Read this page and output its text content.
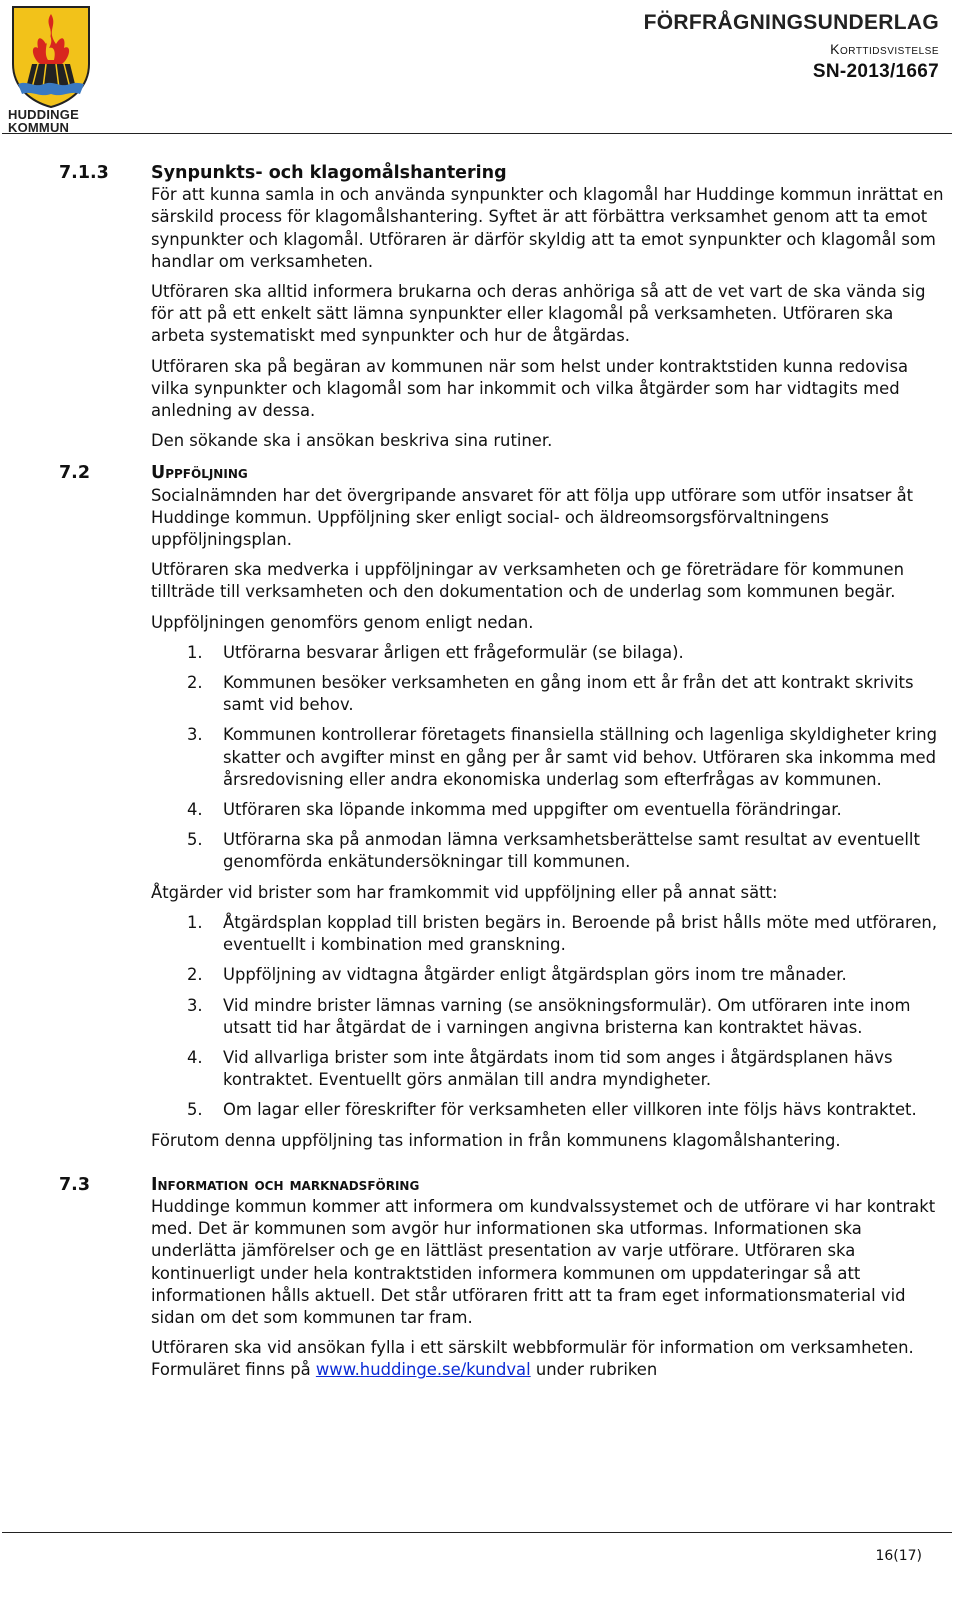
HUDDINGE
KOMMUN
FÖRFRÅGNINGSUNDERLAG
Korttidsvistelse
SN-2013/1667
7.1.3 Synpunkts- och klagomålshantering

För att kunna samla in och använda synpunkter och klagomål har Huddinge kommun inrättat en särskild process för klagomålshantering. Syftet är att förbättra verksamhet genom att ta emot synpunkter och klagomål. Utföraren är därför skyldig att ta emot synpunkter och klagomål som handlar om verksamheten.

Utföraren ska alltid informera brukarna och deras anhöriga så att de vet vart de ska vända sig för att på ett enkelt sätt lämna synpunkter eller klagomål på verksamheten. Utföraren ska arbeta systematiskt med synpunkter och hur de åtgärdas.

Utföraren ska på begäran av kommunen när som helst under kontraktstiden kunna redovisa vilka synpunkter och klagomål som har inkommit och vilka åtgärder som har vidtagits med anledning av dessa.

Den sökande ska i ansökan beskriva sina rutiner.

7.2	Uppföljning

Socialnämnden har det övergripande ansvaret för att följa upp utförare som utför insatser åt Huddinge kommun. Uppföljning sker enligt social- och äldreomsorgsförvaltningens uppföljningsplan.

Utföraren ska medverka i uppföljningar av verksamheten och ge företrädare för kommunen tillträde till verksamheten och den dokumentation och de underlag som kommunen begär.

Uppföljningen genomförs genom enligt nedan.

1. Utförarna besvarar årligen ett frågeformulär (se bilaga).
2. Kommunen besöker verksamheten en gång inom ett år från det att kontrakt skrivits samt vid behov.
3. Kommunen kontrollerar företagets finansiella ställning och lagenliga skyldigheter kring skatter och avgifter minst en gång per år samt vid behov. Utföraren ska inkomma med årsredovisning eller andra ekonomiska underlag som efterfrågas av kommunen.
4. Utföraren ska löpande inkomma med uppgifter om eventuella förändringar.
5. Utförarna ska på anmodan lämna verksamhetsberättelse samt resultat av eventuellt genomförda enkätundersökningar till kommunen.

Åtgärder vid brister som har framkommit vid uppföljning eller på annat sätt:

1. Åtgärdsplan kopplad till bristen begärs in. Beroende på brist hålls möte med utföraren, eventuellt i kombination med granskning.
2. Uppföljning av vidtagna åtgärder enligt åtgärdsplan görs inom tre månader.
3. Vid mindre brister lämnas varning (se ansökningsformulär). Om utföraren inte inom utsatt tid har åtgärdat de i varningen angivna bristerna kan kontraktet hävas.
4. Vid allvarliga brister som inte åtgärdats inom tid som anges i åtgärdsplanen hävs kontraktet. Eventuellt görs anmälan till andra myndigheter.
5. Om lagar eller föreskrifter för verksamheten eller villkoren inte följs hävs kontraktet.

Förutom denna uppföljning tas information in från kommunens klagomålshantering.

7.3	Information och marknadsföring

Huddinge kommun kommer att informera om kundvalssystemet och de utförare vi har kontrakt med. Det är kommunen som avgör hur informationen ska utformas. Informationen ska underlätta jämförelser och ge en lättläst presentation av varje utförare. Utföraren ska kontinuerligt under hela kontraktstiden informera kommunen om uppdateringar så att informationen hålls aktuell. Det står utföraren fritt att ta fram eget informationsmaterial vid sidan om det som kommunen tar fram.

Utföraren ska vid ansökan fylla i ett särskilt webbformulär för information om verksamheten. Formuläret finns på www.huddinge.se/kundval under rubriken

16(17)
